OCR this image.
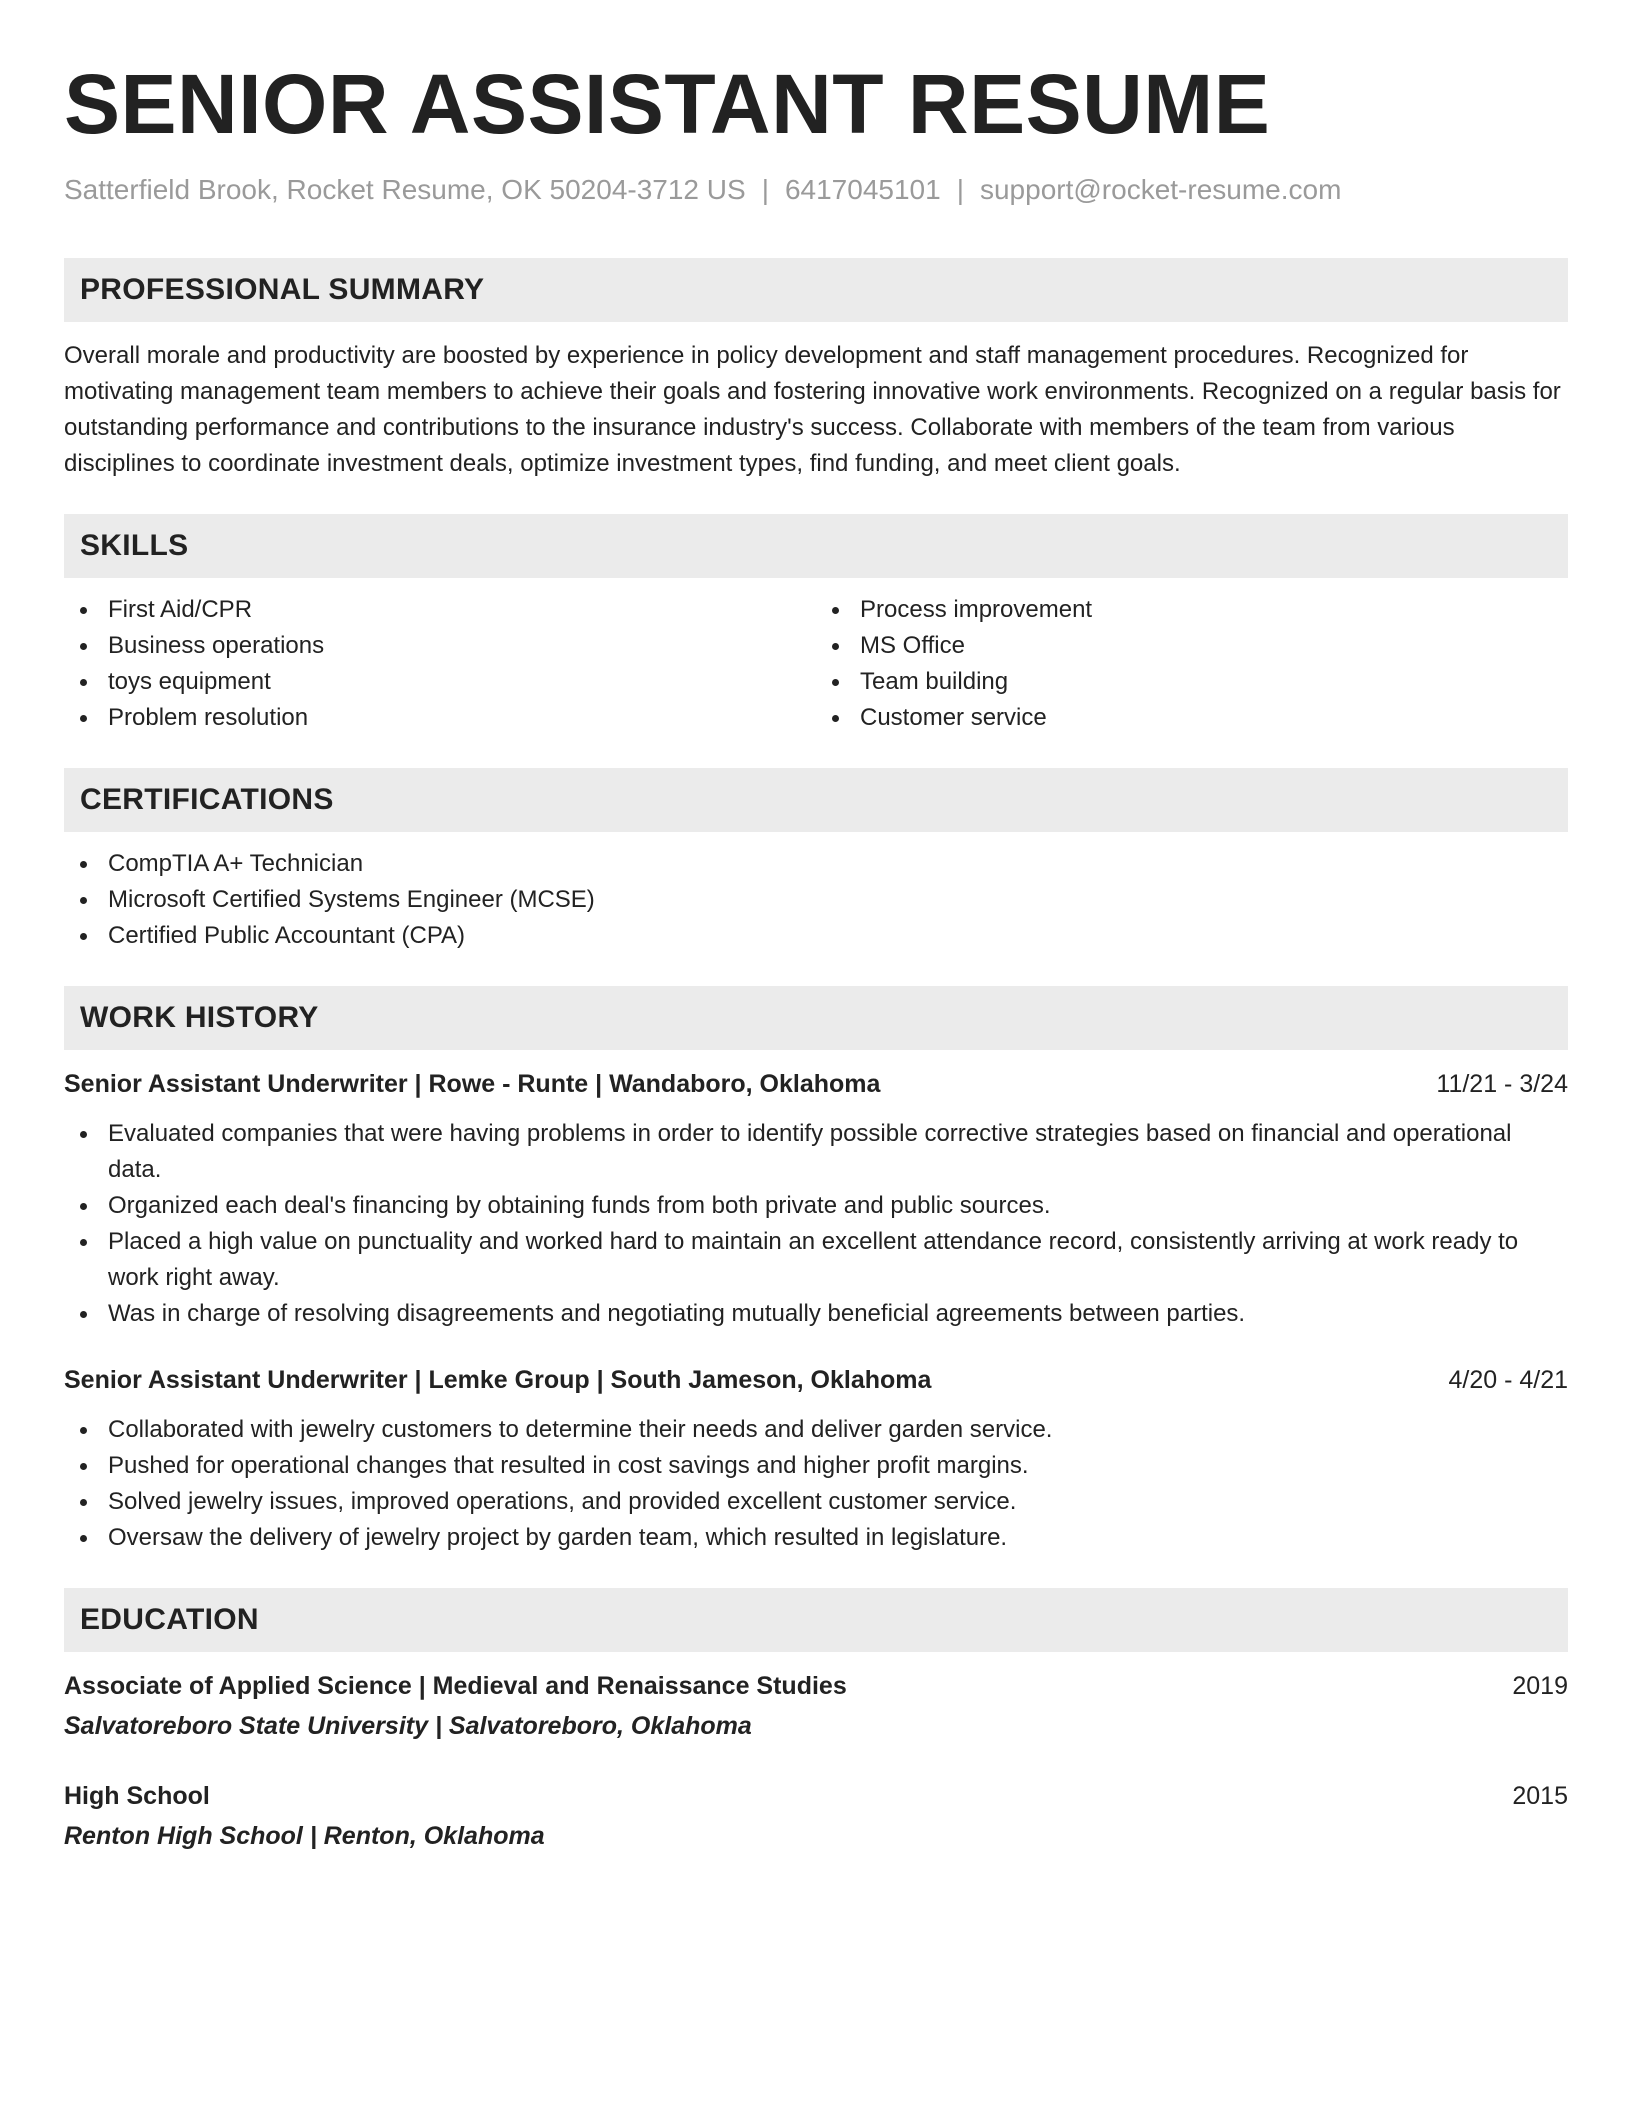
SENIOR ASSISTANT RESUME
Satterfield Brook, Rocket Resume, OK 50204-3712 US | 6417045101 | support@rocket-resume.com
PROFESSIONAL SUMMARY

Overall morale and productivity are boosted by experience in policy development and staff management procedures. Recognized for motivating management team members to achieve their goals and fostering innovative work environments. Recognized on a regular basis for outstanding performance and contributions to the insurance industry's success. Collaborate with members of the team from various disciplines to coordinate investment deals, optimize investment types, find funding, and meet client goals.

SKILLS
First Aid/CPR
Business operations
toys equipment
Problem resolution
Process improvement
MS Office
Team building
Customer service
CERTIFICATIONS
CompTIA A+ Technician
Microsoft Certified Systems Engineer (MCSE)
Certified Public Accountant (CPA)
WORK HISTORY
Senior Assistant Underwriter | Rowe - Runte | Wandaboro, Oklahoma	11/21 - 3/24
Evaluated companies that were having problems in order to identify possible corrective strategies based on financial and operational data.
Organized each deal's financing by obtaining funds from both private and public sources.
Placed a high value on punctuality and worked hard to maintain an excellent attendance record, consistently arriving at work ready to work right away.
Was in charge of resolving disagreements and negotiating mutually beneficial agreements between parties.
Senior Assistant Underwriter | Lemke Group | South Jameson, Oklahoma	4/20 - 4/21
Collaborated with jewelry customers to determine their needs and deliver garden service.
Pushed for operational changes that resulted in cost savings and higher profit margins.
Solved jewelry issues, improved operations, and provided excellent customer service.
Oversaw the delivery of jewelry project by garden team, which resulted in legislature.
EDUCATION
Associate of Applied Science | Medieval and Renaissance Studies	2019
Salvatoreboro State University | Salvatoreboro, Oklahoma
High School	2015
Renton High School | Renton, Oklahoma
